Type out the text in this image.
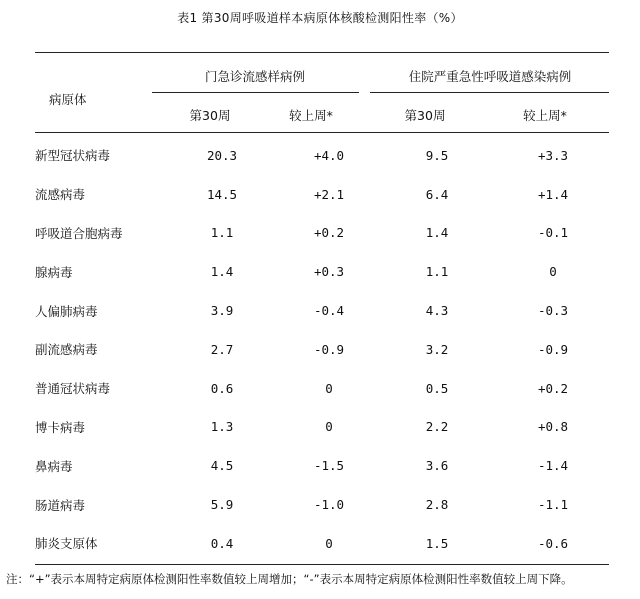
表1 第30周呼吸道样本病原体核酸检测阳性率（%）
病原体
门急诊流感样病例	住院严重急性呼吸道感染病例
第30周	较上周*	第30周	较上周*
新型冠状病毒	20.3	+4.0	9.5	+3.3
流感病毒	14.5	+2.1	6.4	+1.4
呼吸道合胞病毒	1.1	+0.2	1.4	-0.1
腺病毒	1.4	+0.3	1.1	0
人偏肺病毒	3.9	-0.4	4.3	-0.3
副流感病毒	2.7	-0.9	3.2	-0.9
普通冠状病毒	0.6	0	0.5	+0.2
博卡病毒	1.3	0	2.2	+0.8
鼻病毒	4.5	-1.5	3.6	-1.4
肠道病毒	5.9	-1.0	2.8	-1.1
肺炎支原体	0.4	0	1.5	-0.6
注：“+”表示本周特定病原体检测阳性率数值较上周增加；“-”表示本周特定病原体检测阳性率数值较上周下降。
